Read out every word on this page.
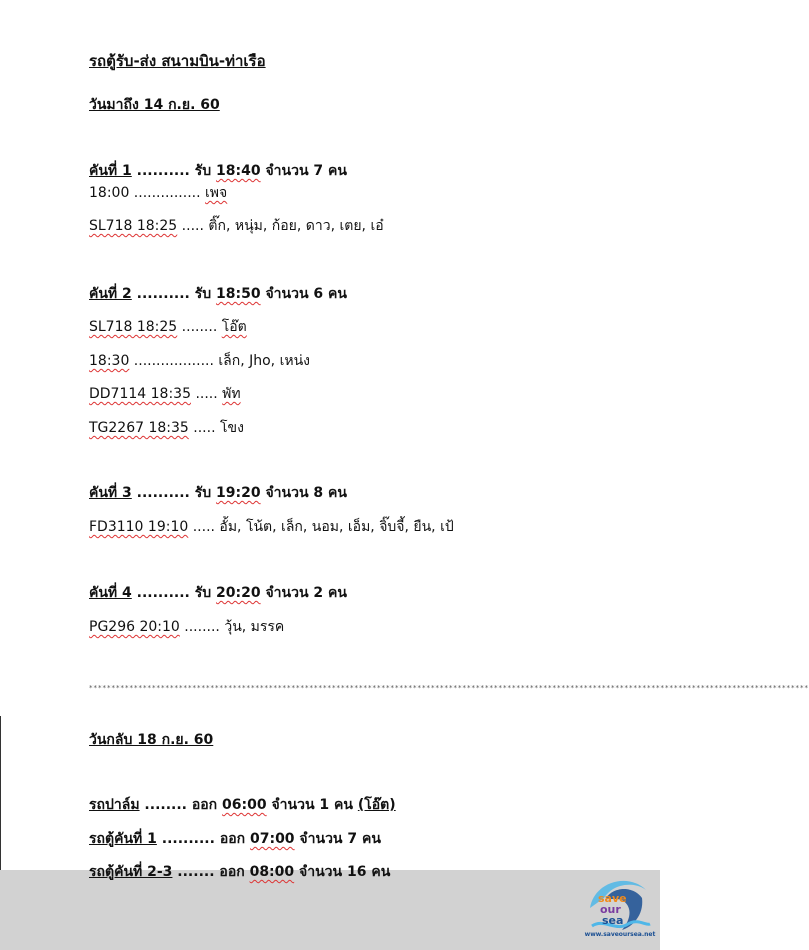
รถตู้รับ-ส่ง สนามบิน-ท่าเรือ
วันมาถึง 14 ก.ย. 60
คันที่ 1 .......... รับ 18:40 จำนวน 7 คน
18:00 ............... เพจ
SL718 18:25 ..... ติ๊ก, หนุ่ม, ก้อย, ดาว, เตย, เอ๋
คันที่ 2 .......... รับ 18:50 จำนวน 6 คน
SL718 18:25 ........ โอ๊ต
18:30 .................. เล็ก, Jho, เหน่ง
DD7114 18:35 ..... พัท
TG2267 18:35 ..... โขง
คันที่ 3 .......... รับ 19:20 จำนวน 8 คน
FD3110 19:10 ..... อั้ม, โน้ต, เล็ก, นอม, เอ็ม, จิ๊บจี้, ยืน, เป้
คันที่ 4 .......... รับ 20:20 จำนวน 2 คน
PG296 20:10 ........ วุ้น, มรรค
****************************************************************************************************************************************************************
วันกลับ 18 ก.ย. 60
รถปาล์ม ........ ออก 06:00 จำนวน 1 คน (โอ๊ต)
รถตู้คันที่ 1 .......... ออก 07:00 จำนวน 7 คน
รถตู้คันที่ 2-3 ....... ออก 08:00 จำนวน 16 คน
save
our
sea
www.saveoursea.net
